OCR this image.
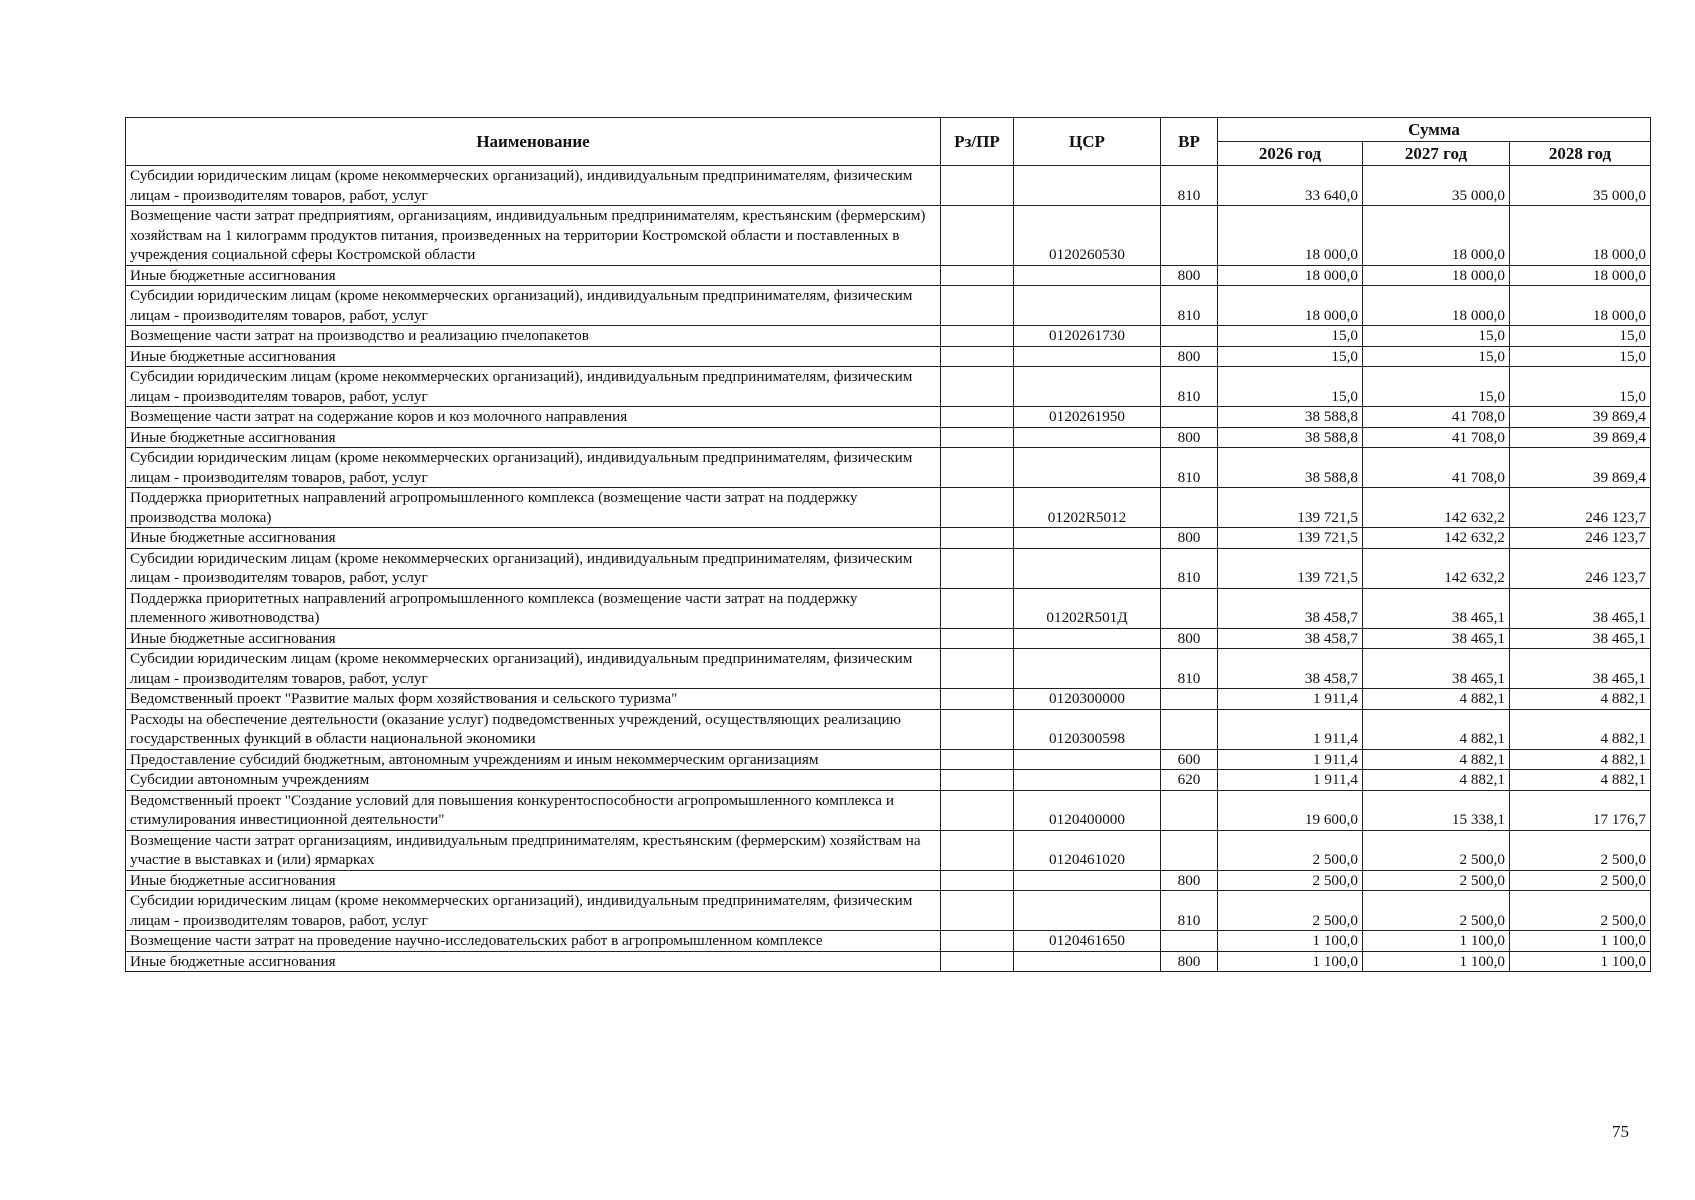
Наименование	Рз/ПР	ЦСР	ВР	Сумма		
				2026 год	2027 год	2028 год
Субсидии юридическим лицам (кроме некоммерческих организаций), индивидуальным предпринимателям, физическим лицам - производителям товаров, работ, услуг			810	33 640,0	35 000,0	35 000,0
Возмещение части затрат предприятиям, организациям, индивидуальным предпринимателям, крестьянским (фермерским) хозяйствам на 1 килограмм продуктов питания, произведенных на территории Костромской области и поставленных в учреждения социальной сферы Костромской области		0120260530		18 000,0	18 000,0	18 000,0
Иные бюджетные ассигнования			800	18 000,0	18 000,0	18 000,0
Субсидии юридическим лицам (кроме некоммерческих организаций), индивидуальным предпринимателям, физическим лицам - производителям товаров, работ, услуг			810	18 000,0	18 000,0	18 000,0
Возмещение части затрат на производство и реализацию пчелопакетов		0120261730		15,0	15,0	15,0
Иные бюджетные ассигнования			800	15,0	15,0	15,0
Субсидии юридическим лицам (кроме некоммерческих организаций), индивидуальным предпринимателям, физическим лицам - производителям товаров, работ, услуг			810	15,0	15,0	15,0
Возмещение части затрат на содержание коров и коз молочного направления		0120261950		38 588,8	41 708,0	39 869,4
Иные бюджетные ассигнования			800	38 588,8	41 708,0	39 869,4
Субсидии юридическим лицам (кроме некоммерческих организаций), индивидуальным предпринимателям, физическим лицам - производителям товаров, работ, услуг			810	38 588,8	41 708,0	39 869,4
Поддержка приоритетных направлений агропромышленного комплекса (возмещение части затрат на поддержку производства молока)		01202R5012		139 721,5	142 632,2	246 123,7
Иные бюджетные ассигнования			800	139 721,5	142 632,2	246 123,7
Субсидии юридическим лицам (кроме некоммерческих организаций), индивидуальным предпринимателям, физическим лицам - производителям товаров, работ, услуг			810	139 721,5	142 632,2	246 123,7
Поддержка приоритетных направлений агропромышленного комплекса (возмещение части затрат на поддержку племенного животноводства)		01202R501Д		38 458,7	38 465,1	38 465,1
Иные бюджетные ассигнования			800	38 458,7	38 465,1	38 465,1
Субсидии юридическим лицам (кроме некоммерческих организаций), индивидуальным предпринимателям, физическим лицам - производителям товаров, работ, услуг			810	38 458,7	38 465,1	38 465,1
Ведомственный проект "Развитие малых форм хозяйствования и сельского туризма"		0120300000		1 911,4	4 882,1	4 882,1
Расходы на обеспечение деятельности (оказание услуг) подведомственных учреждений, осуществляющих реализацию государственных функций в области национальной экономики		0120300598		1 911,4	4 882,1	4 882,1
Предоставление субсидий бюджетным, автономным учреждениям и иным некоммерческим организациям			600	1 911,4	4 882,1	4 882,1
Субсидии автономным учреждениям			620	1 911,4	4 882,1	4 882,1
Ведомственный проект "Создание условий для повышения конкурентоспособности агропромышленного комплекса и стимулирования инвестиционной деятельности"		0120400000		19 600,0	15 338,1	17 176,7
Возмещение части затрат организациям, индивидуальным предпринимателям, крестьянским (фермерским) хозяйствам на участие в выставках и (или) ярмарках		0120461020		2 500,0	2 500,0	2 500,0
Иные бюджетные ассигнования			800	2 500,0	2 500,0	2 500,0
Субсидии юридическим лицам (кроме некоммерческих организаций), индивидуальным предпринимателям, физическим лицам - производителям товаров, работ, услуг			810	2 500,0	2 500,0	2 500,0
Возмещение части затрат на проведение научно-исследовательских работ в агропромышленном комплексе		0120461650		1 100,0	1 100,0	1 100,0
Иные бюджетные ассигнования			800	1 100,0	1 100,0	1 100,0
75
